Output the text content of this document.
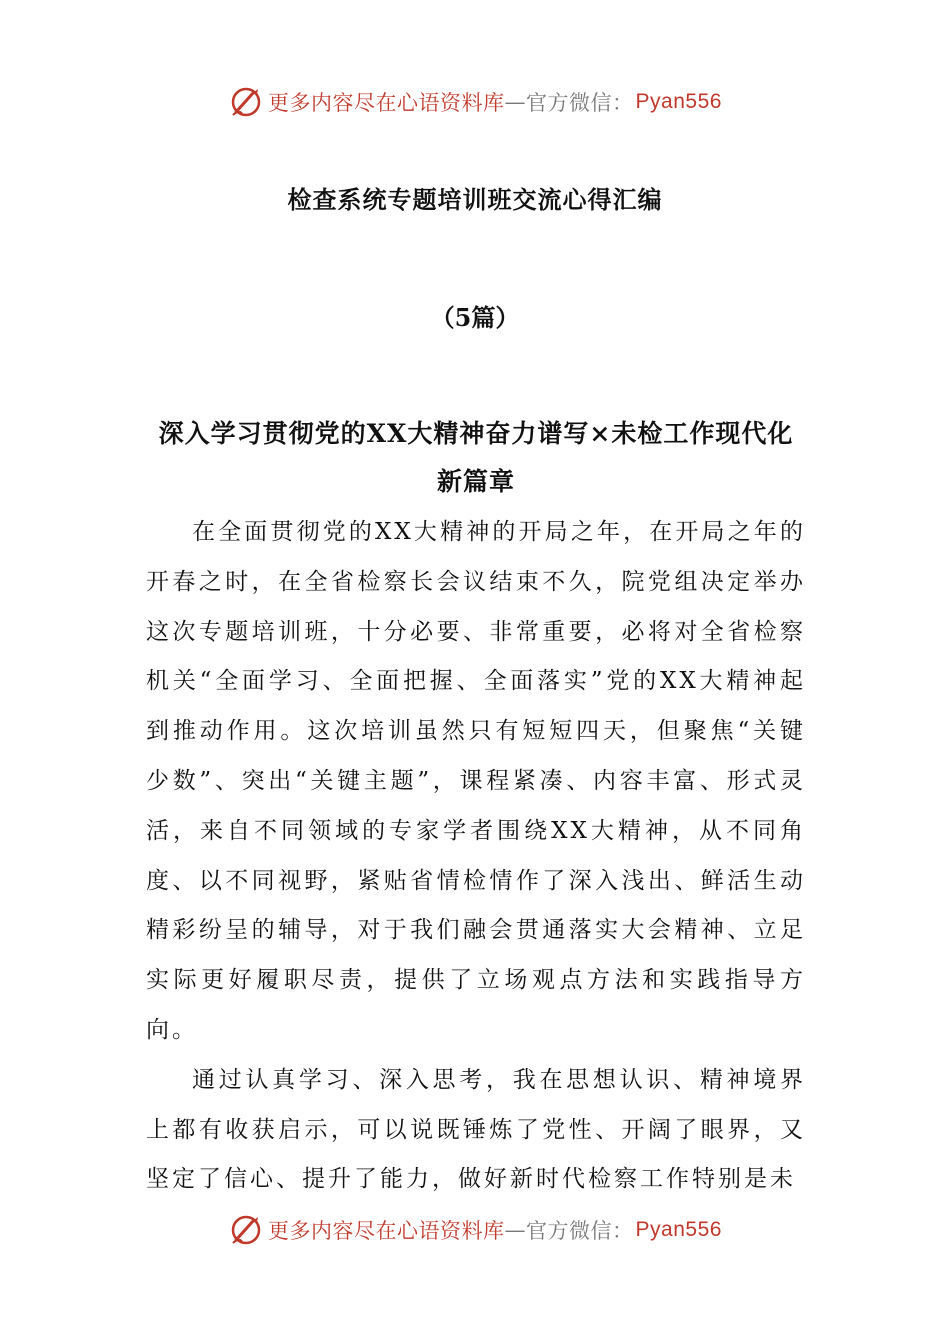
更多内容尽在心语资料库 — 官方微信： Pyan556
检查系统专题培训班交流心得汇编
（5篇）
深入学习贯彻党的XX大精神奋力谱写×未检工作现代化新篇章

在全面贯彻党的XX大精神的开局之年，在开局之年的开春之时，在全省检察长会议结束不久，院党组决定举办这次专题培训班，十分必要、非常重要，必将对全省检察机关“全面学习、全面把握、全面落实”党的XX大精神起到推动作用。这次培训虽然只有短短四天，但聚焦“关键少数”、突出“关键主题”，课程紧凑、内容丰富、形式灵活，来自不同领域的专家学者围绕XX大精神，从不同角度、以不同视野，紧贴省情检情作了深入浅出、鲜活生动精彩纷呈的辅导，对于我们融会贯通落实大会精神、立足实际更好履职尽责，提供了立场观点方法和实践指导方向。

通过认真学习、深入思考，我在思想认识、精神境界上都有收获启示，可以说既锤炼了党性、开阔了眼界，又坚定了信心、提升了能力，做好新时代检察工作特别是未

更多内容尽在心语资料库 — 官方微信： Pyan556
